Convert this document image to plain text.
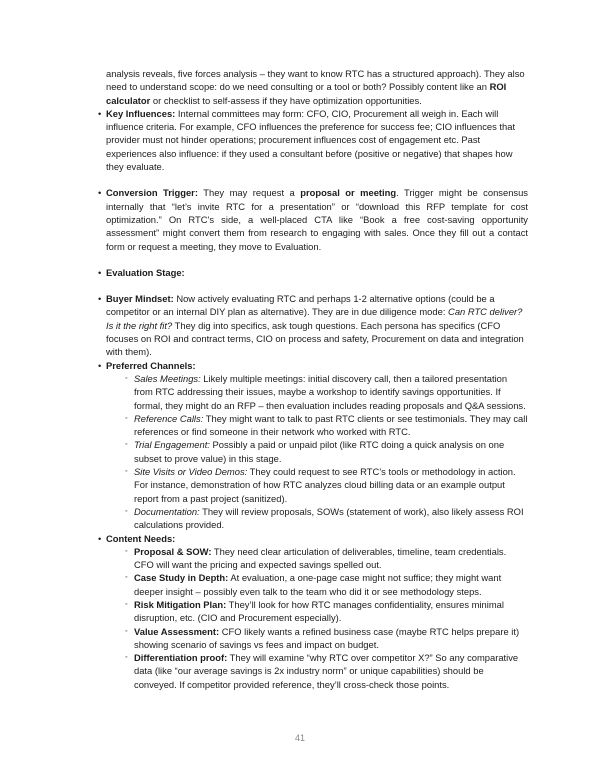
analysis reveals, five forces analysis – they want to know RTC has a structured approach). They also need to understand scope: do we need consulting or a tool or both? Possibly content like an ROI calculator or checklist to self-assess if they have optimization opportunities.
• Key Influences: Internal committees may form: CFO, CIO, Procurement all weigh in. Each will influence criteria. For example, CFO influences the preference for success fee; CIO influences that provider must not hinder operations; procurement influences cost of engagement etc. Past experiences also influence: if they used a consultant before (positive or negative) that shapes how they evaluate.
• Conversion Trigger: They may request a proposal or meeting. Trigger might be consensus internally that “let’s invite RTC for a presentation” or “download this RFP template for cost optimization.” On RTC’s side, a well-placed CTA like “Book a free cost-saving opportunity assessment” might convert them from research to engaging with sales. Once they fill out a contact form or request a meeting, they move to Evaluation.
• Evaluation Stage:
• Buyer Mindset: Now actively evaluating RTC and perhaps 1-2 alternative options (could be a competitor or an internal DIY plan as alternative). They are in due diligence mode: Can RTC deliver? Is it the right fit? They dig into specifics, ask tough questions. Each persona has specifics (CFO focuses on ROI and contract terms, CIO on process and safety, Procurement on data and integration with them).
• Preferred Channels:
◦ Sales Meetings: Likely multiple meetings: initial discovery call, then a tailored presentation from RTC addressing their issues, maybe a workshop to identify savings opportunities. If formal, they might do an RFP – then evaluation includes reading proposals and Q&A sessions.
◦ Reference Calls: They might want to talk to past RTC clients or see testimonials. They may call references or find someone in their network who worked with RTC.
◦ Trial Engagement: Possibly a paid or unpaid pilot (like RTC doing a quick analysis on one subset to prove value) in this stage.
◦ Site Visits or Video Demos: They could request to see RTC’s tools or methodology in action. For instance, demonstration of how RTC analyzes cloud billing data or an example output report from a past project (sanitized).
◦ Documentation: They will review proposals, SOWs (statement of work), also likely assess ROI calculations provided.
• Content Needs:
◦ Proposal & SOW: They need clear articulation of deliverables, timeline, team credentials. CFO will want the pricing and expected savings spelled out.
◦ Case Study in Depth: At evaluation, a one-page case might not suffice; they might want deeper insight – possibly even talk to the team who did it or see methodology steps.
◦ Risk Mitigation Plan: They’ll look for how RTC manages confidentiality, ensures minimal disruption, etc. (CIO and Procurement especially).
◦ Value Assessment: CFO likely wants a refined business case (maybe RTC helps prepare it) showing scenario of savings vs fees and impact on budget.
◦ Differentiation proof: They will examine “why RTC over competitor X?” So any comparative data (like “our average savings is 2x industry norm” or unique capabilities) should be conveyed. If competitor provided reference, they’ll cross-check those points.
41
